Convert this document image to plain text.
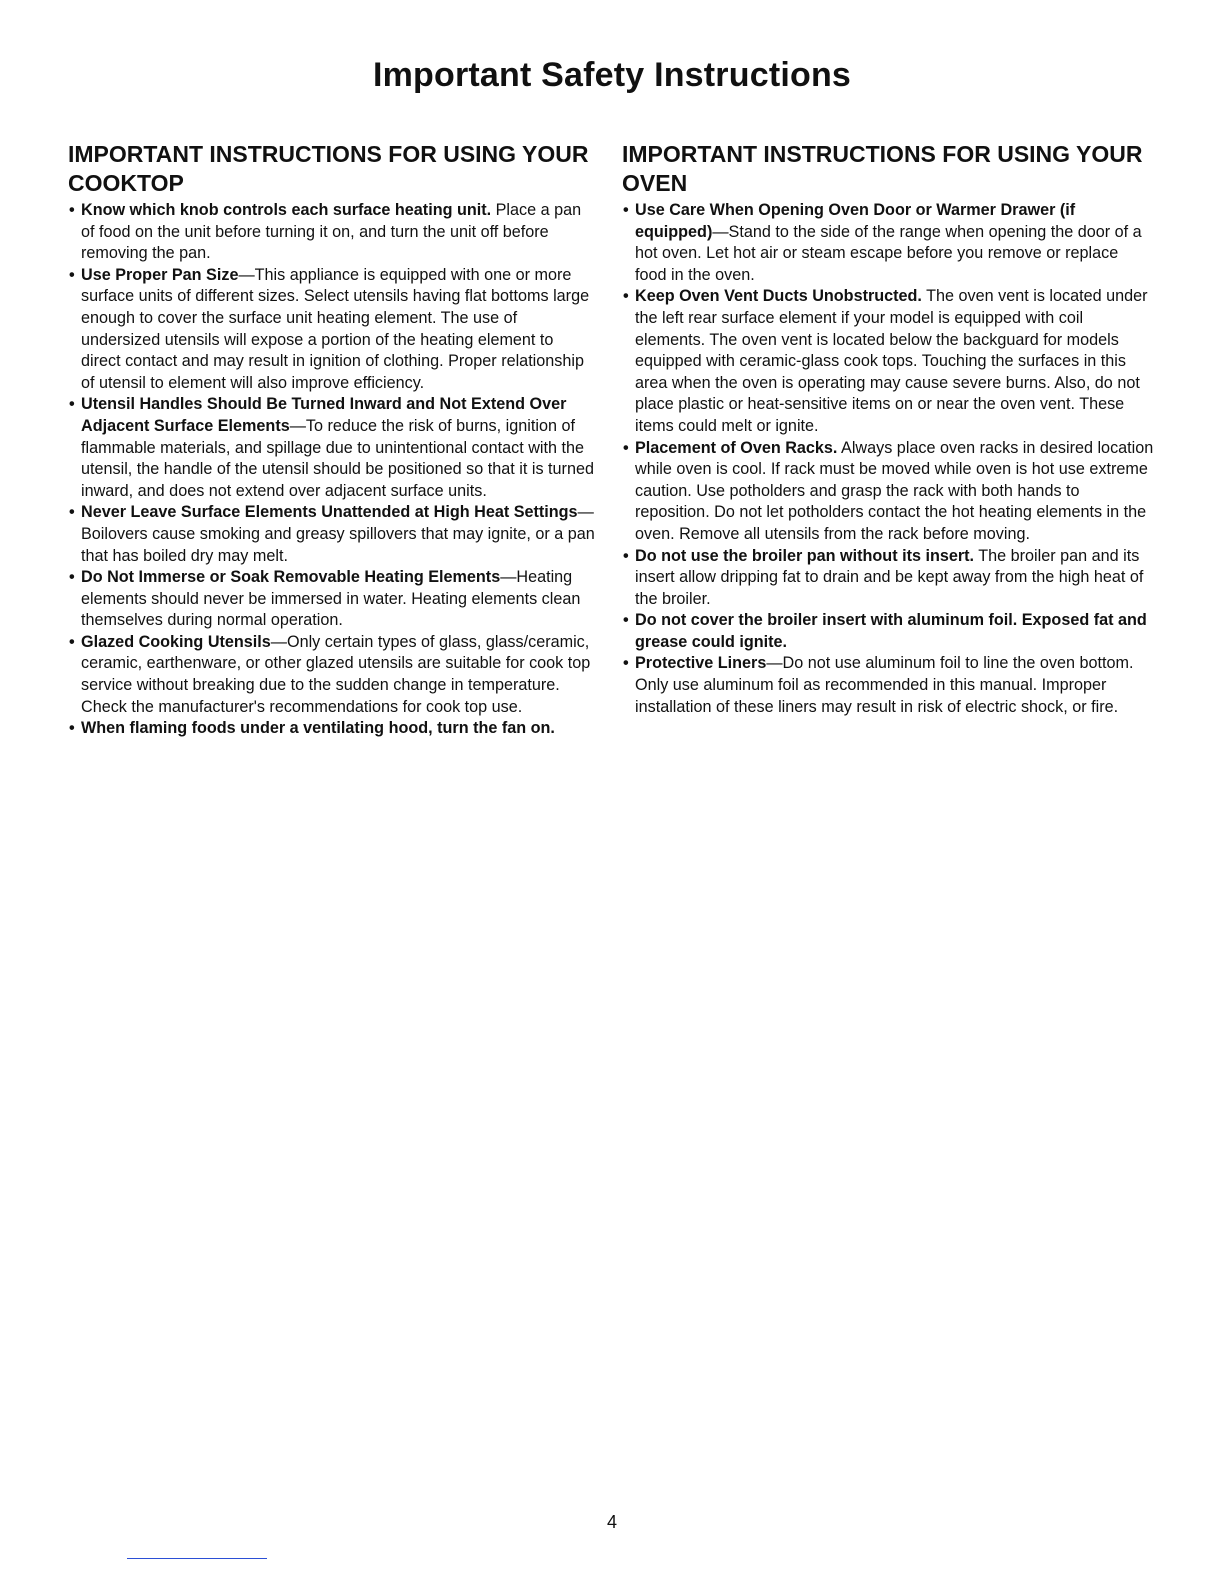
Important Safety Instructions
IMPORTANT INSTRUCTIONS FOR USING YOUR COOKTOP
• Know which knob controls each surface heating unit. Place a pan of food on the unit before turning it on, and turn the unit off before removing the pan.
• Use Proper Pan Size—This appliance is equipped with one or more surface units of different sizes. Select utensils having flat bottoms large enough to cover the surface unit heating element. The use of undersized utensils will expose a portion of the heating element to direct contact and may result in ignition of clothing. Proper relationship of utensil to element will also improve efficiency.
• Utensil Handles Should Be Turned Inward and Not Extend Over Adjacent Surface Elements—To reduce the risk of burns, ignition of flammable materials, and spillage due to unintentional contact with the utensil, the handle of the utensil should be positioned so that it is turned inward, and does not extend over adjacent surface units.
• Never Leave Surface Elements Unattended at High Heat Settings—Boilovers cause smoking and greasy spillovers that may ignite, or a pan that has boiled dry may melt.
• Do Not Immerse or Soak Removable Heating Elements—Heating elements should never be immersed in water. Heating elements clean themselves during normal operation.
• Glazed Cooking Utensils—Only certain types of glass, glass/ceramic, ceramic, earthenware, or other glazed utensils are suitable for cook top service without breaking due to the sudden change in temperature. Check the manufacturer's recommendations for cook top use.
• When flaming foods under a ventilating hood, turn the fan on.
IMPORTANT INSTRUCTIONS FOR USING YOUR OVEN
• Use Care When Opening Oven Door or Warmer Drawer (if equipped)—Stand to the side of the range when opening the door of a hot oven. Let hot air or steam escape before you remove or replace food in the oven.
• Keep Oven Vent Ducts Unobstructed. The oven vent is located under the left rear surface element if your model is equipped with coil elements. The oven vent is located below the backguard for models equipped with ceramic-glass cook tops. Touching the surfaces in this area when the oven is operating may cause severe burns. Also, do not place plastic or heat-sensitive items on or near the oven vent. These items could melt or ignite.
• Placement of Oven Racks. Always place oven racks in desired location while oven is cool. If rack must be moved while oven is hot use extreme caution. Use potholders and grasp the rack with both hands to reposition. Do not let potholders contact the hot heating elements in the oven. Remove all utensils from the rack before moving.
• Do not use the broiler pan without its insert. The broiler pan and its insert allow dripping fat to drain and be kept away from the high heat of the broiler.
• Do not cover the broiler insert with aluminum foil. Exposed fat and grease could ignite.
• Protective Liners—Do not use aluminum foil to line the oven bottom. Only use aluminum foil as recommended in this manual. Improper installation of these liners may result in risk of electric shock, or fire.
4
